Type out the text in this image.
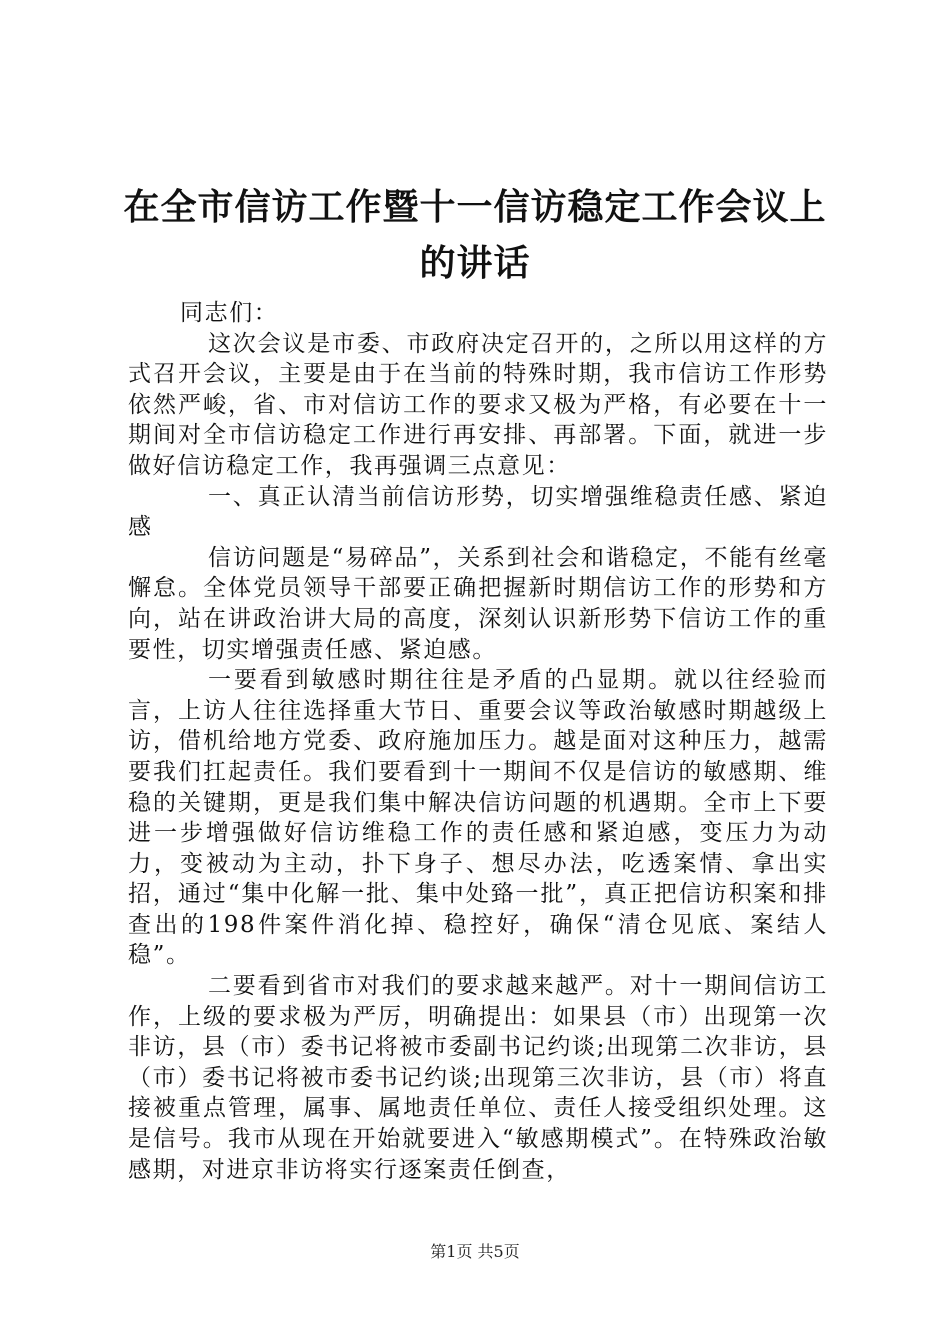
在全市信访工作暨十一信访稳定工作会议上的讲话

同志们：

这次会议是市委、市政府决定召开的，之所以用这样的方式召开会议，主要是由于在当前的特殊时期，我市信访工作形势依然严峻，省、市对信访工作的要求又极为严格，有必要在十一期间对全市信访稳定工作进行再安排、再部署。下面，就进一步做好信访稳定工作，我再强调三点意见：

一、真正认清当前信访形势，切实增强维稳责任感、紧迫感

信访问题是“易碎品”，关系到社会和谐稳定，不能有丝毫懈怠。全体党员领导干部要正确把握新时期信访工作的形势和方向，站在讲政治讲大局的高度，深刻认识新形势下信访工作的重要性，切实增强责任感、紧迫感。

一要看到敏感时期往往是矛盾的凸显期。就以往经验而言，上访人往往选择重大节日、重要会议等政治敏感时期越级上访，借机给地方党委、政府施加压力。越是面对这种压力，越需要我们扛起责任。我们要看到十一期间不仅是信访的敏感期、维稳的关键期，更是我们集中解决信访问题的机遇期。全市上下要进一步增强做好信访维稳工作的责任感和紧迫感，变压力为动力，变被动为主动，扑下身子、想尽办法，吃透案情、拿出实招，通过“集中化解一批、集中处臵一批”，真正把信访积案和排查出的198件案件消化掉、稳控好，确保“清仓见底、案结人稳”。

二要看到省市对我们的要求越来越严。对十一期间信访工作，上级的要求极为严厉，明确提出：如果县（市）出现第一次非访，县（市）委书记将被市委副书记约谈;出现第二次非访，县（市）委书记将被市委书记约谈;出现第三次非访，县（市）将直接被重点管理，属事、属地责任单位、责任人接受组织处理。这是信号。我市从现在开始就要进入“敏感期模式”。在特殊政治敏感期，对进京非访将实行逐案责任倒查，

第1页 共5页
